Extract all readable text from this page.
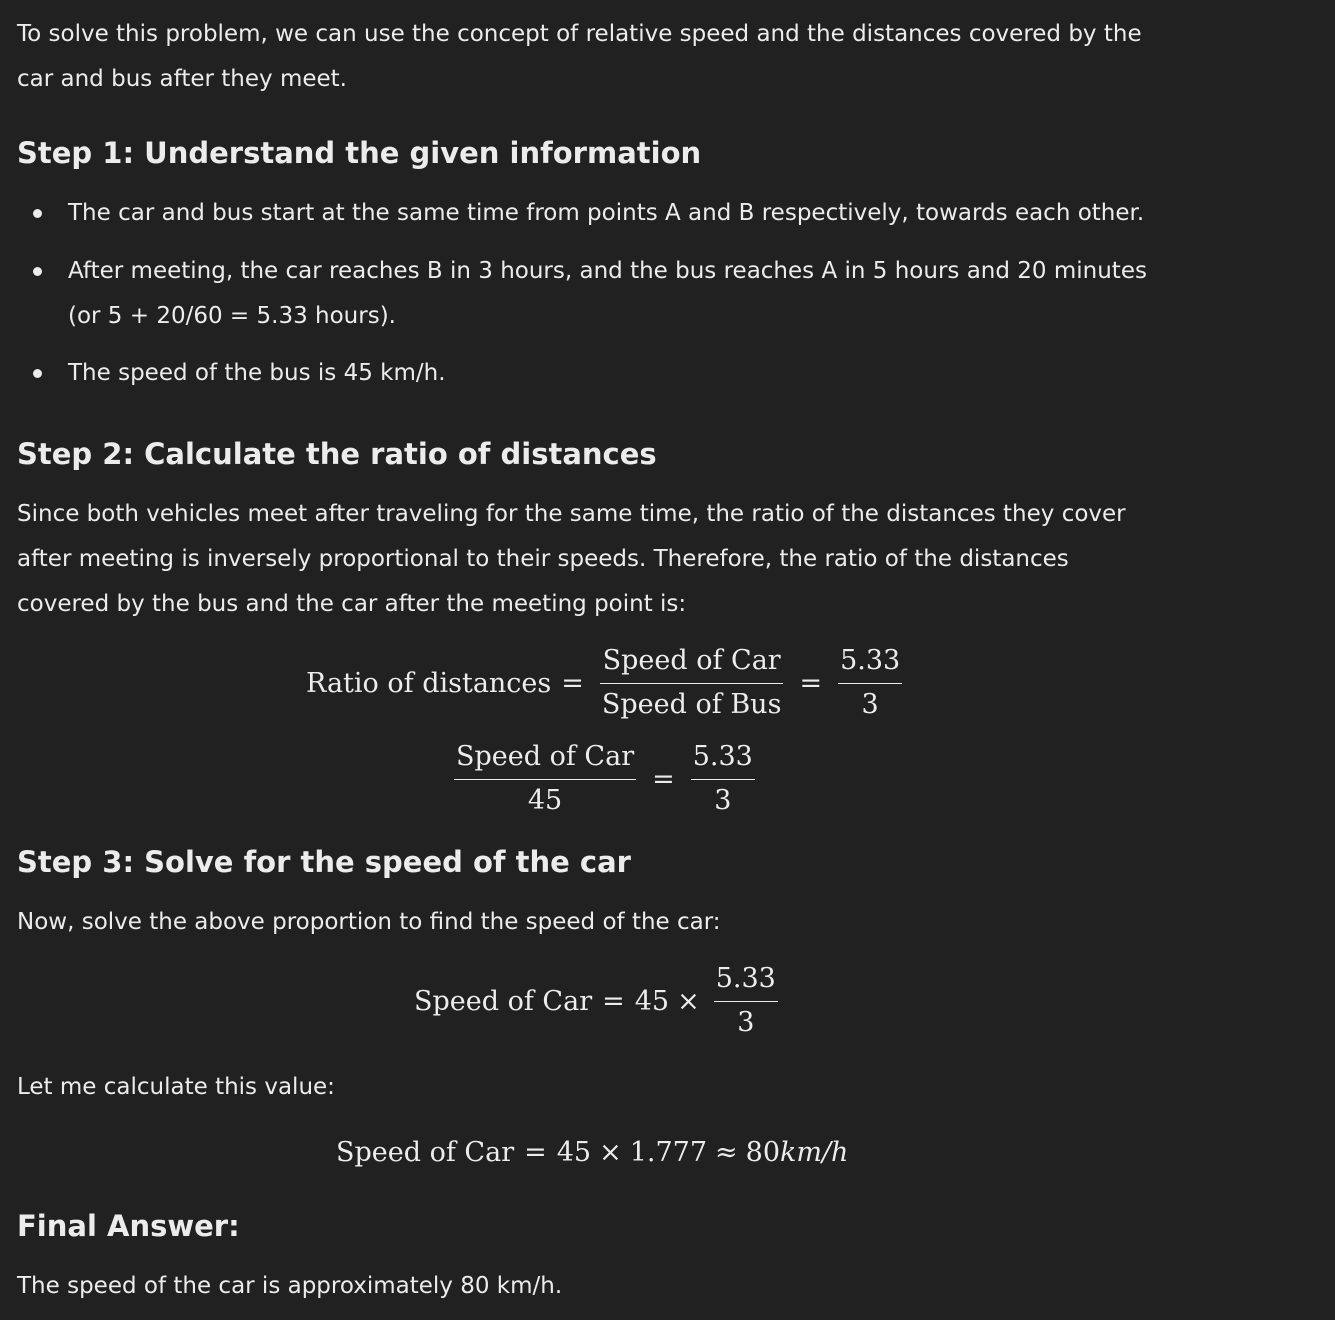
To solve this problem, we can use the concept of relative speed and the distances covered by the car and bus after they meet.
Step 1: Understand the given information
The car and bus start at the same time from points A and B respectively, towards each other.
After meeting, the car reaches B in 3 hours, and the bus reaches A in 5 hours and 20 minutes (or 5 + 20/60 = 5.33 hours).
The speed of the bus is 45 km/h.
Step 2: Calculate the ratio of distances
Since both vehicles meet after traveling for the same time, the ratio of the distances they cover after meeting is inversely proportional to their speeds. Therefore, the ratio of the distances covered by the bus and the car after the meeting point is:
Ratio of distances = $\frac{\text{Speed of Car}}{\text{Speed of Bus}} = \frac{5.33}{3}$
$\frac{\text{Speed of Car}}{45} = \frac{5.33}{3}$
Step 3: Solve for the speed of the car
Now, solve the above proportion to find the speed of the car:
Speed of Car = $45 \times \frac{5.33}{3}$
Let me calculate this value:
Speed of Car = 45 × 1.777 ≈ 80 km/h
Final Answer:
The speed of the car is approximately 80 km/h.
